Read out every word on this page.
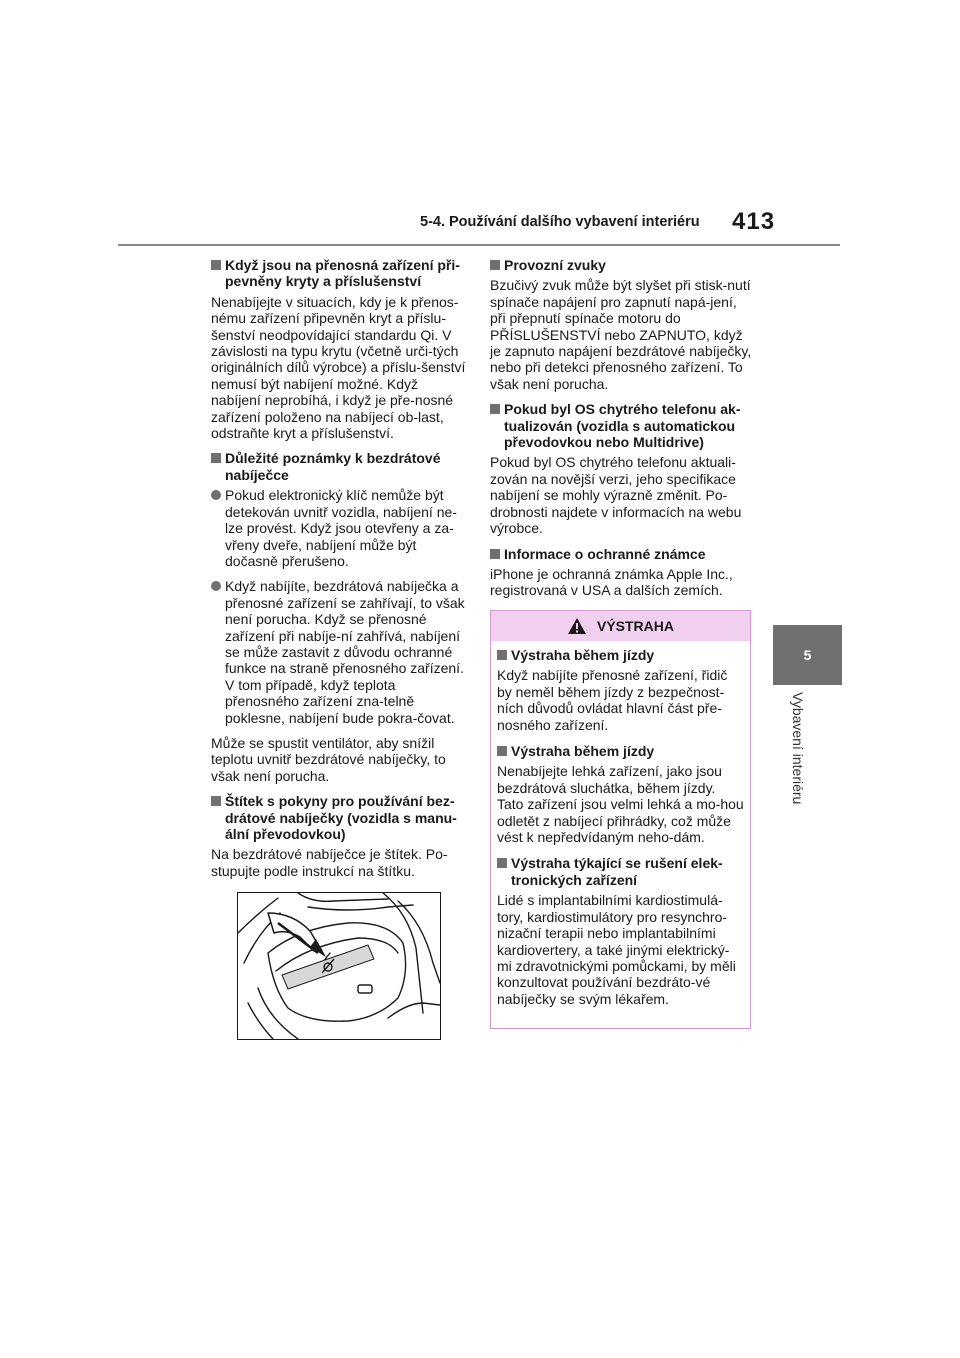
5-4. Používání dalšího vybavení interiéru 413
5
Vybavení interiéru
Když jsou na přenosná zařízení při-pevněny kryty a příslušenství

Nenabíjejte v situacích, kdy je k přenos-nému zařízení připevněn kryt a příslu-šenství neodpovídající standardu Qi. V závislosti na typu krytu (včetně urči-tých originálních dílů výrobce) a příslu-šenství nemusí být nabíjení možné. Když nabíjení neprobíhá, i když je pře-nosné zařízení položeno na nabíjecí ob-last, odstraňte kryt a příslušenství.

Důležité poznámky k bezdrátové nabíječce
Pokud elektronický klíč nemůže být detekován uvnitř vozidla, nabíjení ne-lze provést. Když jsou otevřeny a za-vřeny dveře, nabíjení může být dočasně přerušeno.
Když nabíjíte, bezdrátová nabíječka a přenosné zařízení se zahřívají, to však není porucha. Když se přenosné zařízení při nabíje-ní zahřívá, nabíjení se může zastavit z důvodu ochranné funkce na straně přenosného zařízení. V tom případě, když teplota přenosného zařízení zna-telně poklesne, nabíjení bude pokra-čovat.

Může se spustit ventilátor, aby snížil teplotu uvnitř bezdrátové nabíječky, to však není porucha.

Štítek s pokyny pro používání bez-drátové nabíječky (vozidla s manu-ální převodovkou)

Na bezdrátové nabíječce je štítek. Po-stupujte podle instrukcí na štítku.

Provozní zvuky

Bzučivý zvuk může být slyšet při stisk-nutí spínače napájení pro zapnutí napá-jení, při přepnutí spínače motoru do PŘÍSLUŠENSTVÍ nebo ZAPNUTO, když je zapnuto napájení bezdrátové nabíječky, nebo při detekci přenosného zařízení. To však není porucha.

Pokud byl OS chytrého telefonu ak-tualizován (vozidla s automatickou převodovkou nebo Multidrive)

Pokud byl OS chytrého telefonu aktuali-zován na novější verzi, jeho specifikace nabíjení se mohly výrazně změnit. Po-drobnosti najdete v informacích na webu výrobce.

Informace o ochranné známce

iPhone je ochranná známka Apple Inc., registrovaná v USA a dalších zemích.

VÝSTRAHA
Výstraha během jízdy

Když nabíjíte přenosné zařízení, řidič by neměl během jízdy z bezpečnost-ních důvodů ovládat hlavní část pře-nosného zařízení.

Výstraha během jízdy

Nenabíjejte lehká zařízení, jako jsou bezdrátová sluchátka, během jízdy. Tato zařízení jsou velmi lehká a mo-hou odletět z nabíjecí přihrádky, což může vést k nepředvídaným neho-dám.

Výstraha týkající se rušení elek-tronických zařízení

Lidé s implantabilními kardiostimulá-tory, kardiostimulátory pro resynchro-nizační terapii nebo implantabilními kardiovertery, a také jinými elektrický-mi zdravotnickými pomůckami, by měli konzultovat používání bezdráto-vé nabíječky se svým lékařem.
